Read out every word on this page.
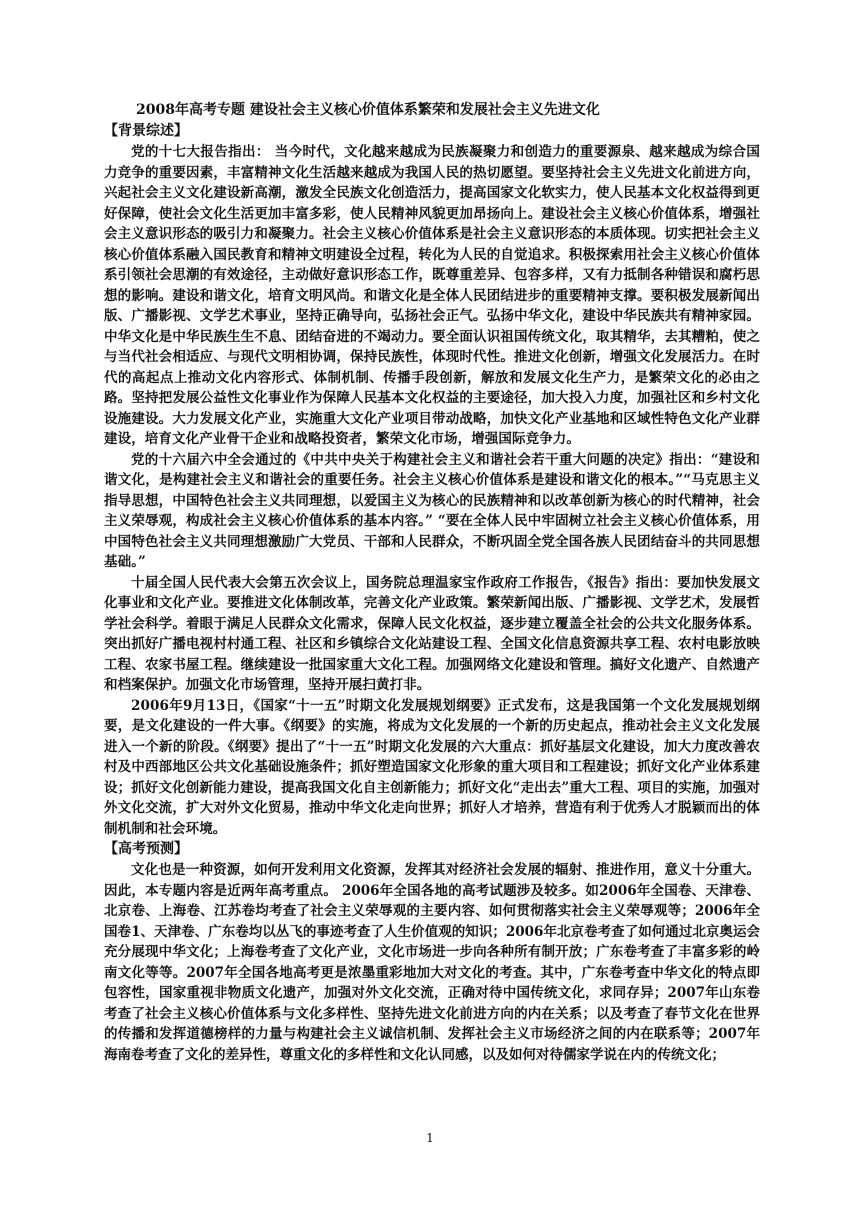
2008年高考专题 建设社会主义核心价值体系繁荣和发展社会主义先进文化
【背景综述】

党的十七大报告指出： 当今时代，文化越来越成为民族凝聚力和创造力的重要源泉、越来越成为综合国力竞争的重要因素，丰富精神文化生活越来越成为我国人民的热切愿望。要坚持社会主义先进文化前进方向，兴起社会主义文化建设新高潮，激发全民族文化创造活力，提高国家文化软实力，使人民基本文化权益得到更好保障，使社会文化生活更加丰富多彩，使人民精神风貌更加昂扬向上。建设社会主义核心价值体系，增强社会主义意识形态的吸引力和凝聚力。社会主义核心价值体系是社会主义意识形态的本质体现。切实把社会主义核心价值体系融入国民教育和精神文明建设全过程，转化为人民的自觉追求。积极探索用社会主义核心价值体系引领社会思潮的有效途径，主动做好意识形态工作，既尊重差异、包容多样，又有力抵制各种错误和腐朽思想的影响。建设和谐文化，培育文明风尚。和谐文化是全体人民团结进步的重要精神支撑。要积极发展新闻出版、广播影视、文学艺术事业，坚持正确导向，弘扬社会正气。弘扬中华文化，建设中华民族共有精神家园。中华文化是中华民族生生不息、团结奋进的不竭动力。要全面认识祖国传统文化，取其精华，去其糟粕，使之与当代社会相适应、与现代文明相协调，保持民族性，体现时代性。推进文化创新，增强文化发展活力。在时代的高起点上推动文化内容形式、体制机制、传播手段创新，解放和发展文化生产力，是繁荣文化的必由之路。坚持把发展公益性文化事业作为保障人民基本文化权益的主要途径，加大投入力度，加强社区和乡村文化设施建设。大力发展文化产业，实施重大文化产业项目带动战略，加快文化产业基地和区域性特色文化产业群建设，培育文化产业骨干企业和战略投资者，繁荣文化市场，增强国际竞争力。

党的十六届六中全会通过的《中共中央关于构建社会主义和谐社会若干重大问题的决定》指出：“建设和谐文化，是构建社会主义和谐社会的重要任务。社会主义核心价值体系是建设和谐文化的根本。”“马克思主义指导思想，中国特色社会主义共同理想，以爱国主义为核心的民族精神和以改革创新为核心的时代精神，社会主义荣辱观，构成社会主义核心价值体系的基本内容。” “要在全体人民中牢固树立社会主义核心价值体系，用中国特色社会主义共同理想激励广大党员、干部和人民群众，不断巩固全党全国各族人民团结奋斗的共同思想基础。”

十届全国人民代表大会第五次会议上，国务院总理温家宝作政府工作报告，《报告》指出：要加快发展文化事业和文化产业。要推进文化体制改革，完善文化产业政策。繁荣新闻出版、广播影视、文学艺术，发展哲学社会科学。着眼于满足人民群众文化需求，保障人民文化权益，逐步建立覆盖全社会的公共文化服务体系。突出抓好广播电视村村通工程、社区和乡镇综合文化站建设工程、全国文化信息资源共享工程、农村电影放映工程、农家书屋工程。继续建设一批国家重大文化工程。加强网络文化建设和管理。搞好文化遗产、自然遗产和档案保护。加强文化市场管理，坚持开展扫黄打非。

2006年9月13日，《国家“十一五”时期文化发展规划纲要》正式发布，这是我国第一个文化发展规划纲要，是文化建设的一件大事。《纲要》的实施，将成为文化发展的一个新的历史起点，推动社会主义文化发展进入一个新的阶段。《纲要》提出了“十一五”时期文化发展的六大重点：抓好基层文化建设，加大力度改善农村及中西部地区公共文化基础设施条件；抓好塑造国家文化形象的重大项目和工程建设；抓好文化产业体系建设；抓好文化创新能力建设，提高我国文化自主创新能力；抓好文化“走出去”重大工程、项目的实施，加强对外文化交流，扩大对外文化贸易，推动中华文化走向世界；抓好人才培养，营造有利于优秀人才脱颖而出的体制机制和社会环境。

【高考预测】

文化也是一种资源，如何开发利用文化资源，发挥其对经济社会发展的辐射、推进作用，意义十分重大。因此，本专题内容是近两年高考重点。 2006年全国各地的高考试题涉及较多。如2006年全国卷、天津卷、北京卷、上海卷、江苏卷均考查了社会主义荣辱观的主要内容、如何贯彻落实社会主义荣辱观等；2006年全国卷1、天津卷、广东卷均以丛飞的事迹考查了人生价值观的知识；2006年北京卷考查了如何通过北京奥运会充分展现中华文化；上海卷考查了文化产业，文化市场进一步向各种所有制开放；广东卷考查了丰富多彩的岭南文化等等。2007年全国各地高考更是浓墨重彩地加大对文化的考查。其中，广东卷考查中华文化的特点即包容性，国家重视非物质文化遗产，加强对外文化交流，正确对待中国传统文化，求同存异；2007年山东卷考查了社会主义核心价值体系与文化多样性、坚持先进文化前进方向的内在关系；以及考查了春节文化在世界的传播和发挥道德榜样的力量与构建社会主义诚信机制、发挥社会主义市场经济之间的内在联系等；2007年海南卷考查了文化的差异性，尊重文化的多样性和文化认同感，以及如何对待儒家学说在内的传统文化；

1
